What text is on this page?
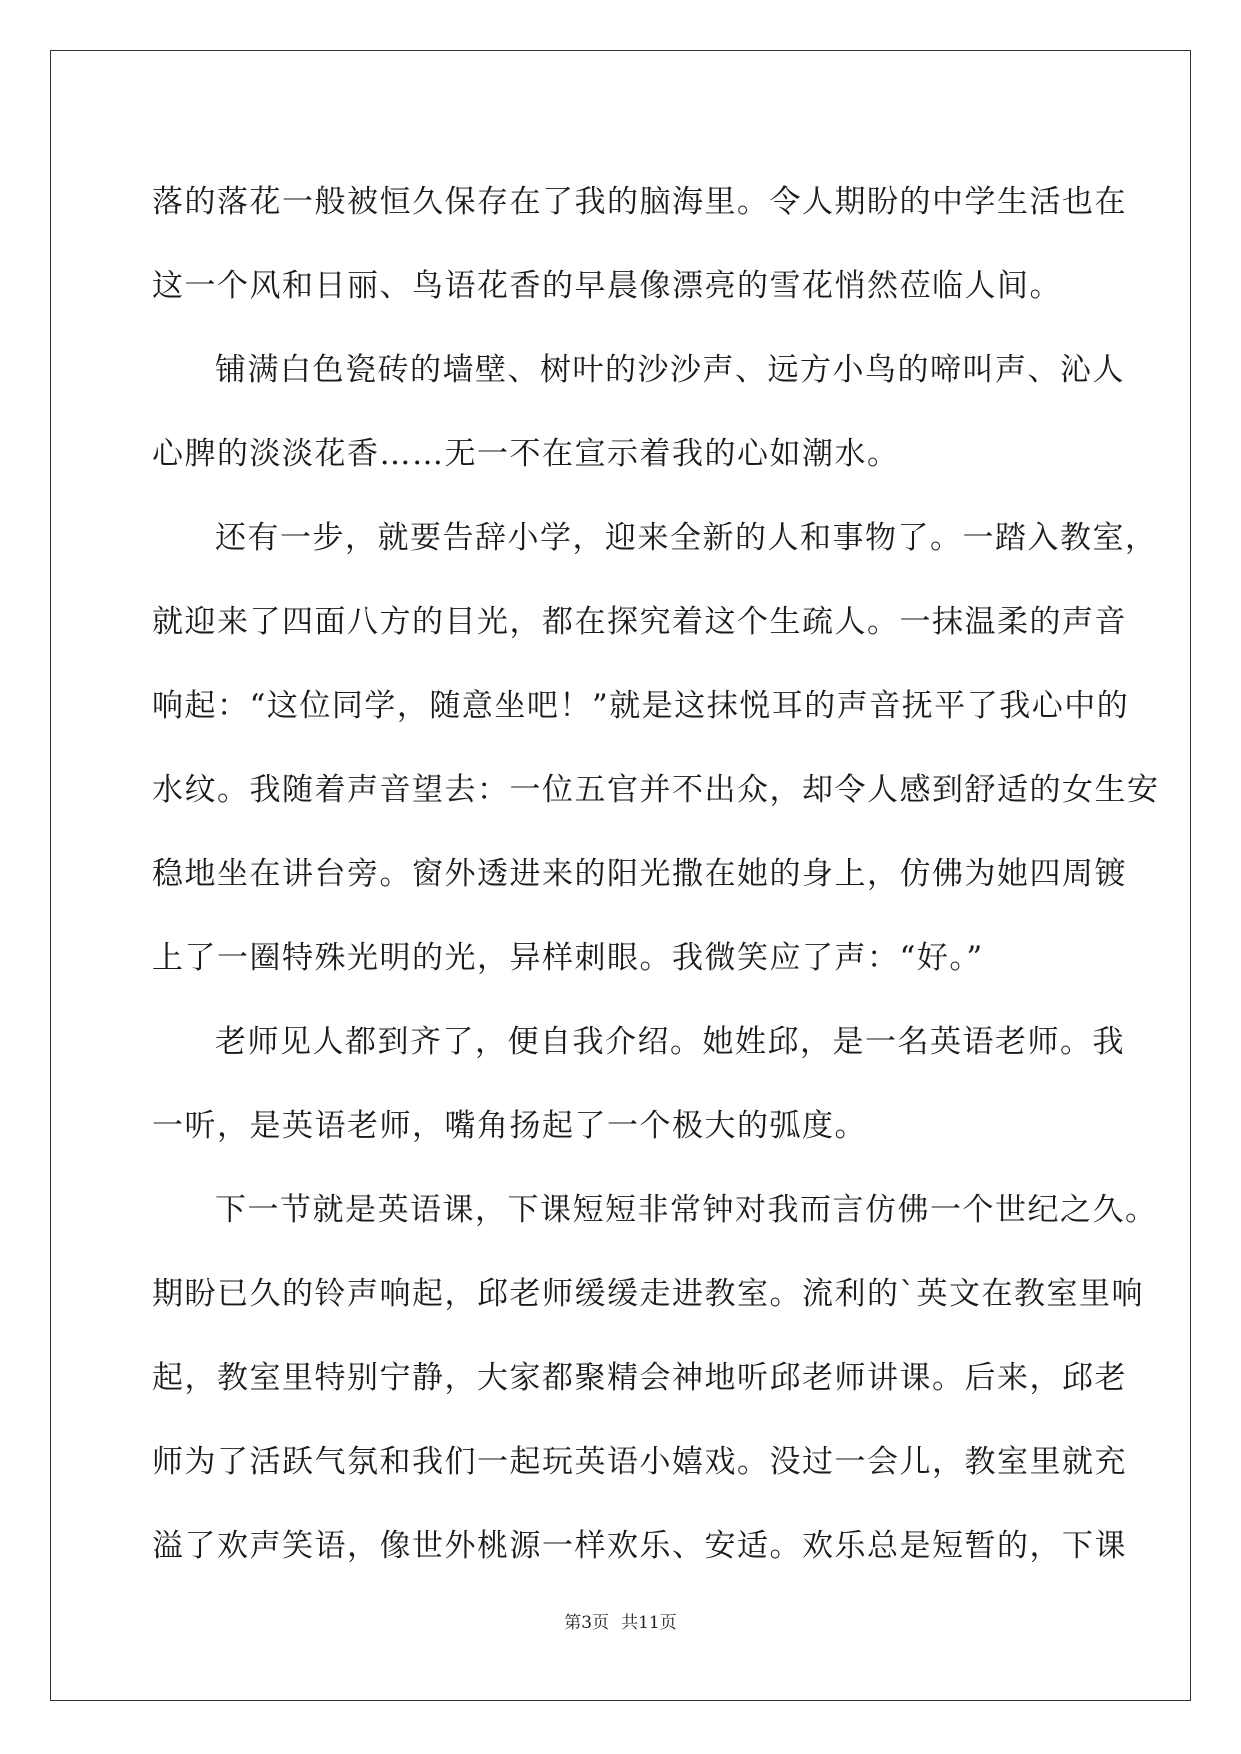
落的落花一般被恒久保存在了我的脑海里。令人期盼的中学生活也在
这一个风和日丽、鸟语花香的早晨像漂亮的雪花悄然莅临人间。
铺满白色瓷砖的墙壁、树叶的沙沙声、远方小鸟的啼叫声、沁人
心脾的淡淡花香……无一不在宣示着我的心如潮水。
还有一步，就要告辞小学，迎来全新的人和事物了。一踏入教室，
就迎来了四面八方的目光，都在探究着这个生疏人。一抹温柔的声音
响起：“这位同学，随意坐吧！”就是这抹悦耳的声音抚平了我心中的
水纹。我随着声音望去：一位五官并不出众，却令人感到舒适的女生安
稳地坐在讲台旁。窗外透进来的阳光撒在她的身上，仿佛为她四周镀
上了一圈特殊光明的光，异样刺眼。我微笑应了声：“好。”
老师见人都到齐了，便自我介绍。她姓邱，是一名英语老师。我
一听，是英语老师，嘴角扬起了一个极大的弧度。
下一节就是英语课，下课短短非常钟对我而言仿佛一个世纪之久。
期盼已久的铃声响起，邱老师缓缓走进教室。流利的`英文在教室里响
起，教室里特别宁静，大家都聚精会神地听邱老师讲课。后来，邱老
师为了活跃气氛和我们一起玩英语小嬉戏。没过一会儿，教室里就充
溢了欢声笑语，像世外桃源一样欢乐、安适。欢乐总是短暂的，下课
第3页 共11页
